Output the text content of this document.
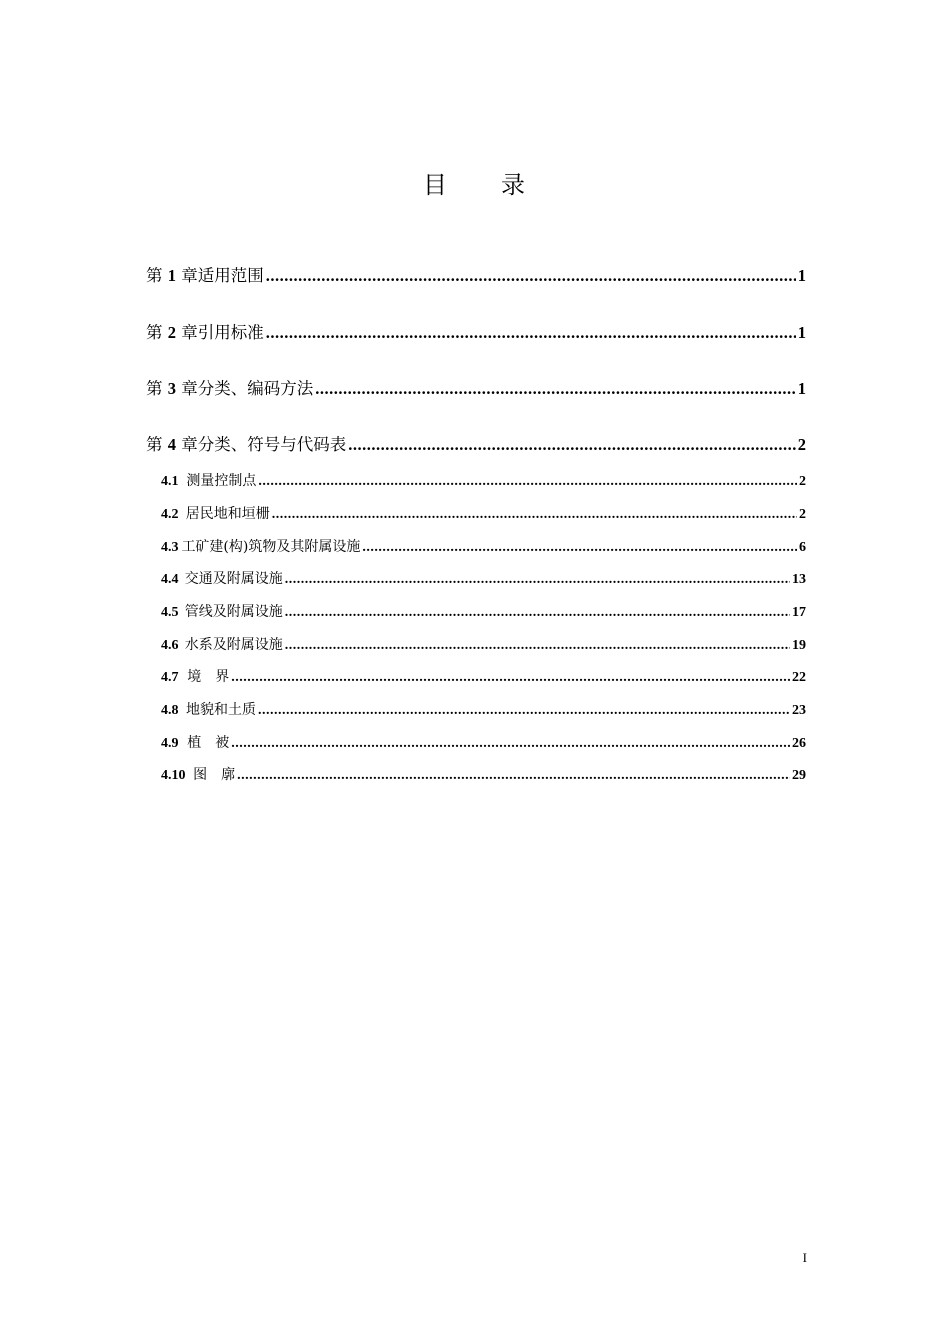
目　　录
第 1 章 适用范围 .....	1
第 2 章 引用标准 .....	1
第 3 章 分类、编码方法 .....	1
第 4 章 分类、符号与代码表 .....	2
4.1 测量控制点 .....	2
4.2 居民地和垣栅 .....	2
4.3 工矿建(构)筑物及其附属设施 .....	6
4.4 交通及附属设施 .....	13
4.5 管线及附属设施 .....	17
4.6 水系及附属设施 .....	19
4.7 境　界 .....	22
4.8 地貌和土质 .....	23
4.9 植　被 .....	26
4.10 图　廓 .....	29
I
